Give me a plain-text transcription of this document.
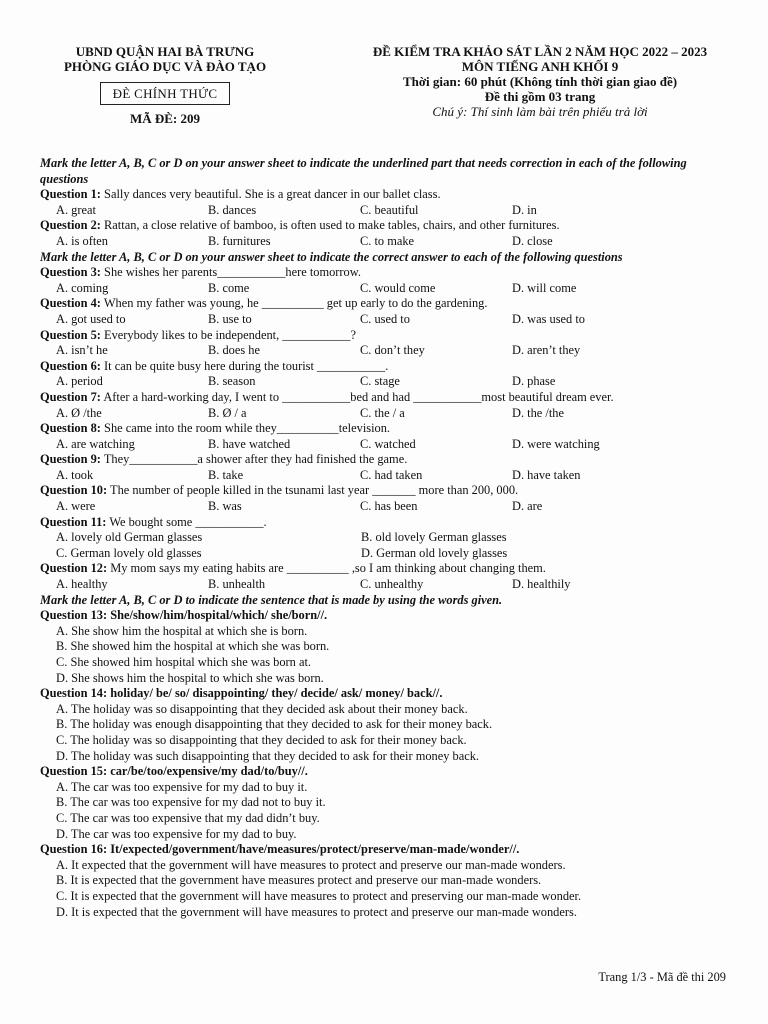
UBND QUẬN HAI BÀ TRƯNG
PHÒNG GIÁO DỤC VÀ ĐÀO TẠO
ĐÈ CHÍNH THỨC
MÃ ĐÈ: 209
ĐỀ KIỂM TRA KHẢO SÁT LẦN 2 NĂM HỌC 2022 – 2023
MÔN TIẾNG ANH KHỐI 9
Thời gian: 60 phút (Không tính thời gian giao đề)
Đề thi gồm 03 trang
Chú ý: Thí sinh làm bài trên phiếu trả lời
Mark the letter A, B, C or D on your answer sheet to indicate the underlined part that needs correction in each of the following questions
Question 1: Sally dances very beautiful. She is a great dancer in our ballet class.
A. great	B. dances	C. beautiful	D. in
Question 2: Rattan, a close relative of bamboo, is often used to make tables, chairs, and other furnitures.
A. is often	B. furnitures	C. to make	D. close
Mark the letter A, B, C or D on your answer sheet to indicate the correct answer to each of the following questions
Question 3: She wishes her parents___________here tomorrow.
A. coming	B. come	C. would come	D. will come
Question 4: When my father was young, he __________ get up early to do the gardening.
A. got used to	B. use to	C. used to	D. was used to
Question 5: Everybody likes to be independent, ___________?
A. isn’t he	B. does he	C. don’t they	D. aren’t they
Question 6: It can be quite busy here during the tourist ___________.
A. period	B. season	C. stage	D. phase
Question 7: After a hard-working day, I went to ___________bed and had ___________most beautiful dream ever.
A. Ø /the	B. Ø / a	C. the / a	D. the /the
Question 8: She came into the room while they__________television.
A. are watching	B. have watched	C. watched	D. were watching
Question 9: They___________a shower after they had finished the game.
A. took	B. take	C. had taken	D. have taken
Question 10: The number of people killed in the tsunami last year _______ more than 200, 000.
A. were	B. was	C. has been	D. are
Question 11: We bought some ___________.
A. lovely old German glasses	B. old lovely German glasses
C. German lovely old glasses	D. German old lovely glasses
Question 12: My mom says my eating habits are __________ ,so I am thinking about changing them.
A. healthy	B. unhealth	C. unhealthy	D. healthily
Mark the letter A, B, C or D to indicate the sentence that is made by using the words given.
Question 13: She/show/him/hospital/which/ she/born//.
A. She show him the hospital at which she is born.
B. She showed him the hospital at which she was born.
C. She showed him hospital which she was born at.
D. She shows him the hospital to which she was born.
Question 14: holiday/ be/ so/ disappointing/ they/ decide/ ask/ money/ back//.
A. The holiday was so disappointing that they decided ask about their money back.
B. The holiday was enough disappointing that they decided to ask for their money back.
C. The holiday was so disappointing that they decided to ask for their money back.
D. The holiday was such disappointing that they decided to ask for their money back.
Question 15: car/be/too/expensive/my dad/to/buy//.
A. The car was too expensive for my dad to buy it.
B. The car was too expensive for my dad not to buy it.
C. The car was too expensive that my dad didn’t buy.
D. The car was too expensive for my dad to buy.
Question 16: It/expected/government/have/measures/protect/preserve/man-made/wonder//.
A. It expected that the government will have measures to protect and preserve our man-made wonders.
B. It is expected that the government have measures protect and preserve our man-made wonders.
C. It is expected that the government will have measures to protect and preserving our man-made wonder.
D. It is expected that the government will have measures to protect and preserve our man-made wonders.
Trang 1/3 - Mã đề thi 209
